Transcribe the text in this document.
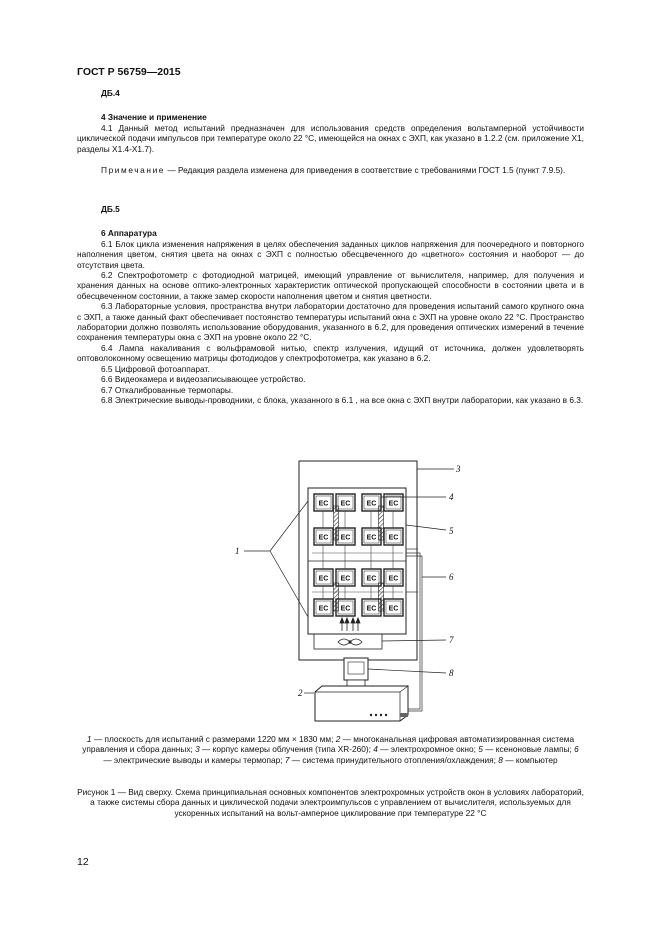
ГОСТ Р 56759—2015

ДБ.4

4 Значение и применение

4.1 Данный метод испытаний предназначен для использования средств определения вольтамперной устойчивости циклической подачи импульсов при температуре около 22 °С, имеющейся на окнах с ЭХП, как указано в 1.2.2 (см. приложение X1, разделы X1.4-X1.7).

Примечание — Редакция раздела изменена для приведения в соответствие с требованиями ГОСТ 1.5 (пункт 7.9.5).

ДБ.5

6 Аппаратура

6.1 Блок цикла изменения напряжения в целях обеспечения заданных циклов напряжения для поочередного и повторного наполнения цветом, снятия цвета на окнах с ЭХП с полностью обесцвеченного до «цветного» состояния и наоборот — до отсутствия цвета.

6.2 Спектрофотометр с фотодиодной матрицей, имеющий управление от вычислителя, например, для получения и хранения данных на основе оптико-электронных характеристик оптической пропускающей способности в состоянии цвета и в обесцвеченном состоянии, а также замер скорости наполнения цветом и снятия цветности.

6.3 Лабораторные условия, пространства внутри лаборатории достаточно для проведения испытаний самого крупного окна с ЭХП, а также данный факт обеспечивает постоянство температуры испытаний окна с ЭХП на уровне около 22 °С. Пространство лаборатории должно позволять использование оборудования, указанного в 6.2, для проведения оптических измерений в течение сохранения температуры окна с ЭХП на уровне около 22 °С.

6.4 Лампа накаливания с вольфрамовой нитью, спектр излучения, идущий от источника, должен удовлетворять оптоволоконному освещению матрицы фотодиодов у спектрофотометра, как указано в 6.2.

6.5 Цифровой фотоаппарат.

6.6 Видеокамера и видеозаписывающее устройство.

6.7 Откалиброванные термопары.

6.8 Электрические выводы-проводники, с блока, указанного в 6.1 , на все окна с ЭХП внутри лаборатории, как указано в 6.3.

EC EC EC EC
EC EC EC EC
EC EC EC EC
EC EC EC EC
3
4
5
6
7
8
2
1
1 — плоскость для испытаний с размерами 1220 мм × 1830 мм; 2 — многоканальная цифровая автоматизированная система управления и сбора данных; 3 — корпус камеры облучения (типа XR-260); 4 — электрохромное окно; 5 — ксеноновые лампы; 6 — электрические выводы и камеры термопар; 7 — система принудительного отопления/охлаждения; 8 — компьютер
Рисунок 1 — Вид сверху. Схема принципиальная основных компонентов электрохромных устройств окон в условиях лабораторий, а также системы сбора данных и циклической подачи электроимпульсов с управлением от вычислителя, используемых для ускоренных испытаний на вольт-амперное циклирование при температуре 22 °С
12
